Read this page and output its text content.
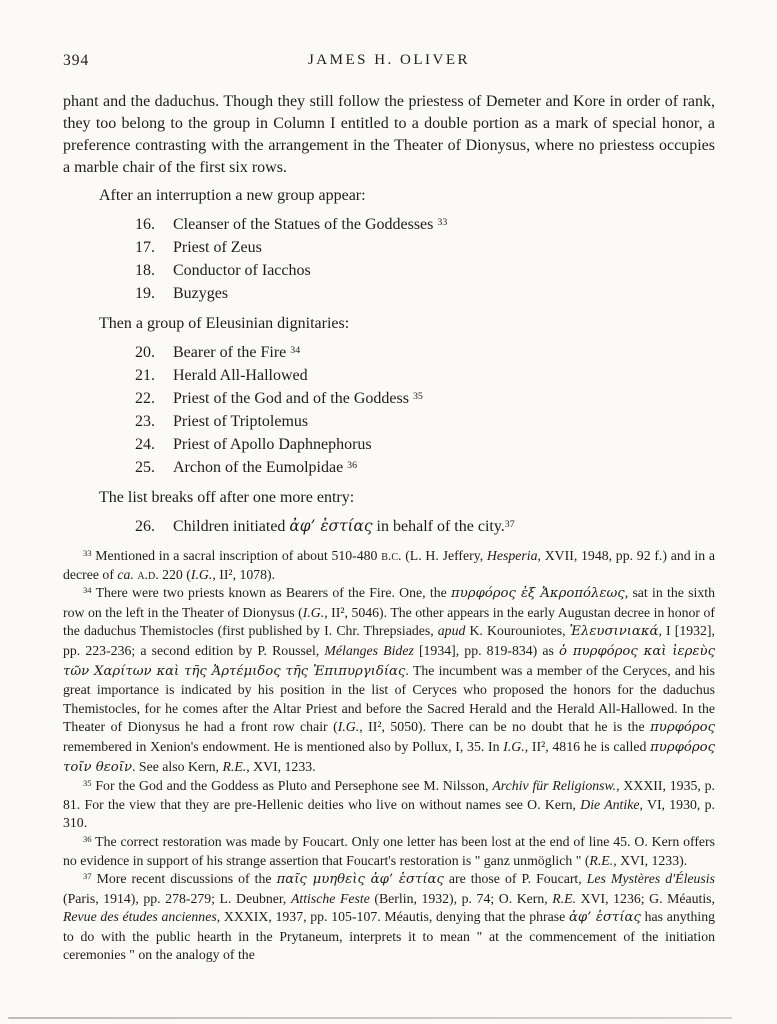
394	JAMES H. OLIVER

phant and the daduchus. Though they still follow the priestess of Demeter and Kore in order of rank, they too belong to the group in Column I entitled to a double portion as a mark of special honor, a preference contrasting with the arrangement in the Theater of Dionysus, where no priestess occupies a marble chair of the first six rows.

After an interruption a new group appear:

16.	Cleanser of the Statues of the Goddesses $^{33}$
17.	Priest of Zeus
18.	Conductor of Iacchos
19.	Buzyges

Then a group of Eleusinian dignitaries:

20.	Bearer of the Fire $^{34}$
21.	Herald All-Hallowed
22.	Priest of the God and of the Goddess $^{35}$
23.	Priest of Triptolemus
24.	Priest of Apollo Daphnephorus
25.	Archon of the Eumolpidae $^{36}$

The list breaks off after one more entry:

26.	Children initiated ἀφ’ ἑστίας in behalf of the city.$^{37}$

$^{33}$ Mentioned in a sacral inscription of about 510-480 b.c. (L. H. Jeffery, Hesperia, XVII, 1948, pp. 92 f.) and in a decree of ca. a.d. 220 (I.G., II², 1078).

$^{34}$ There were two priests known as Bearers of the Fire. One, the πυρφόρος ἐξ Ἀκροπόλεως, sat in the sixth row on the left in the Theater of Dionysus (I.G., II², 5046). The other appears in the early Augustan decree in honor of the daduchus Themistocles (first published by I. Chr. Threpsiades, apud K. Kourouniotes, Ἐλευσινιακά, I [1932], pp. 223-236; a second edition by P. Roussel, Mélanges Bidez [1934], pp. 819-834) as ὁ πυρφόρος καὶ ἱερεὺς τῶν Χαρίτων καὶ τῆς Ἀρτέμιδος τῆς Ἐπιπυργιδίας. The incumbent was a member of the Ceryces, and his great importance is indicated by his position in the list of Ceryces who proposed the honors for the daduchus Themistocles, for he comes after the Altar Priest and before the Sacred Herald and the Herald All-Hallowed. In the Theater of Dionysus he had a front row chair (I.G., II², 5050). There can be no doubt that he is the πυρφόρος remembered in Xenion's endowment. He is mentioned also by Pollux, I, 35. In I.G., II², 4816 he is called πυρφόρος τοῖν θεοῖν. See also Kern, R.E., XVI, 1233.

$^{35}$ For the God and the Goddess as Pluto and Persephone see M. Nilsson, Archiv für Religionsw., XXXII, 1935, p. 81. For the view that they are pre-Hellenic deities who live on without names see O. Kern, Die Antike, VI, 1930, p. 310.

$^{36}$ The correct restoration was made by Foucart. Only one letter has been lost at the end of line 45. O. Kern offers no evidence in support of his strange assertion that Foucart's restoration is " ganz unmöglich " (R.E., XVI, 1233).

$^{37}$ More recent discussions of the παῖς μυηθεὶς ἀφ’ ἑστίας are those of P. Foucart, Les Mystères d'Éleusis (Paris, 1914), pp. 278-279; L. Deubner, Attische Feste (Berlin, 1932), p. 74; O. Kern, R.E. XVI, 1236; G. Méautis, Revue des études anciennes, XXXIX, 1937, pp. 105-107. Méautis, denying that the phrase ἀφ’ ἑστίας has anything to do with the public hearth in the Prytaneum, interprets it to mean " at the commencement of the initiation ceremonies " on the analogy of the
